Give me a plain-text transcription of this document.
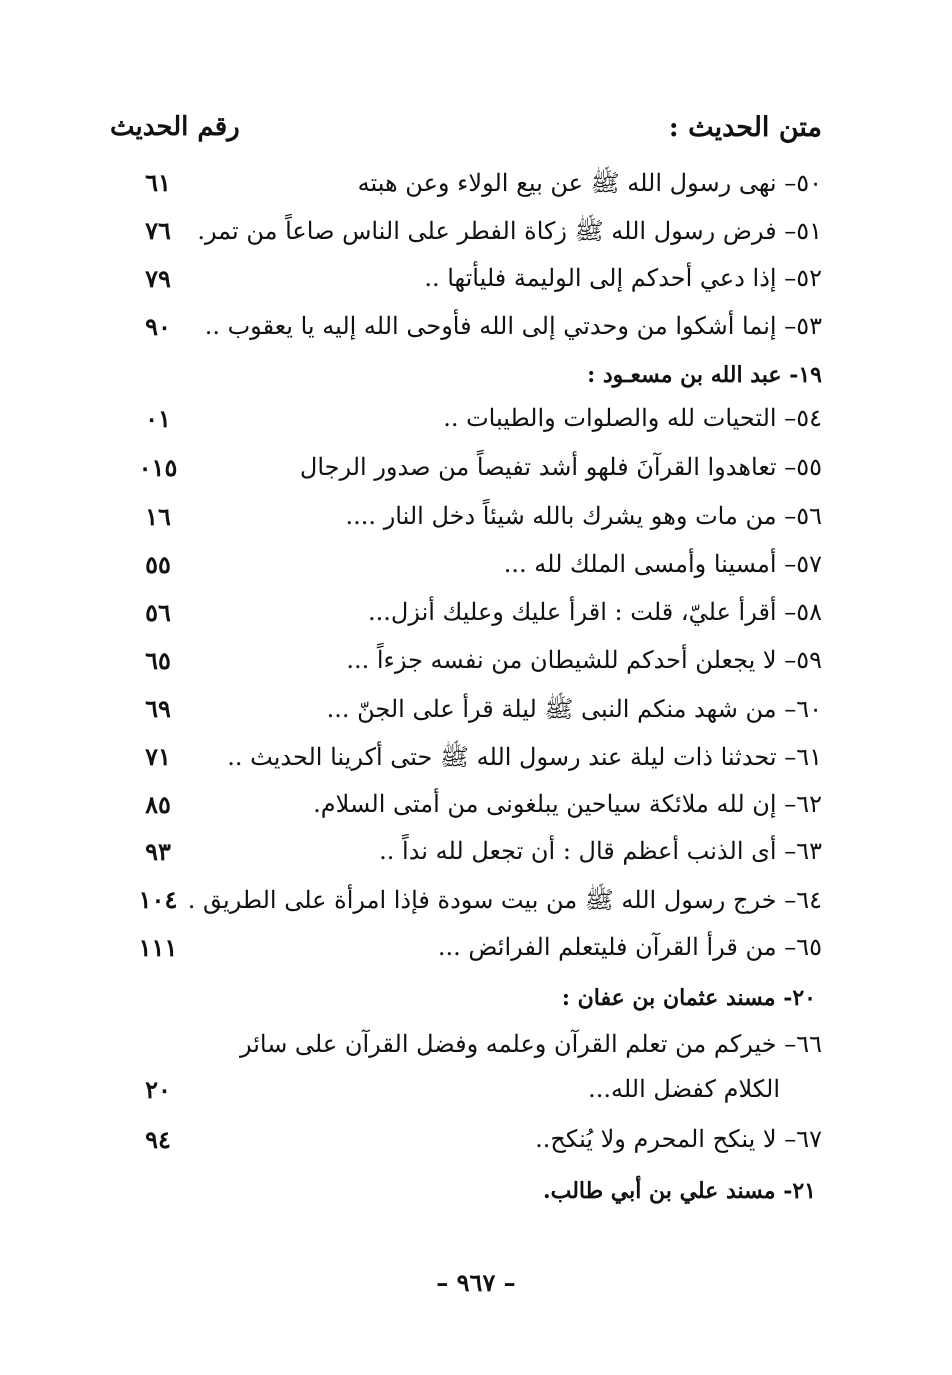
متن الحديث :
رقم الحديث
٥٠– نهى رسول الله ﷺ عن بيع الولاء وعن هبته
٦١
٥١– فرض رسول الله ﷺ زكاة الفطر على الناس صاعاً من تمر.
٧٦
٥٢– إذا دعي أحدكم إلى الوليمة فليأتها ..
٧٩
٥٣– إنما أشكوا من وحدتي إلى الله فأوحى الله إليه يا يعقوب ..
٩٠
١٩- عبد الله بن مسعـود :
٥٤– التحيات لله والصلوات والطيبات ..
٠١
٥٥– تعاهدوا القرآنَ فلهو أشد تفيصاً من صدور الرجال
٠١٥
٥٦– من مات وهو يشرك بالله شيئاً دخل النار ....
١٦
٥٧– أمسينا وأمسى الملك لله ...
٥٥
٥٨– أقرأ عليّ، قلت : اقرأ عليك وعليك أنزل...
٥٦
٥٩– لا يجعلن أحدكم للشيطان من نفسه جزءاً ...
٦٥
٦٠– من شهد منكم النبى ﷺ ليلة قرأ على الجنّ ...
٦٩
٦١– تحدثنا ذات ليلة عند رسول الله ﷺ حتى أكرينا الحديث ..
٧١
٦٢– إن لله ملائكة سياحين يبلغونى من أمتى السلام.
٨٥
٦٣– أى الذنب أعظم قال : أن تجعل لله نداً ..
٩٣
٦٤– خرج رسول الله ﷺ من بيت سودة فإذا امرأة على الطريق .
١٠٤
٦٥– من قرأ القرآن فليتعلم الفرائض ...
١١١
٢٠- مسند عثمان بن عفان :
٦٦– خيركم من تعلم القرآن وعلمه وفضل القرآن على سائر
الكلام كفضل الله...
٢٠
٦٧– لا ينكح المحرم ولا يُنكح..
٩٤
٢١- مسند علي بن أبي طالب.
– ٩٦٧ –
